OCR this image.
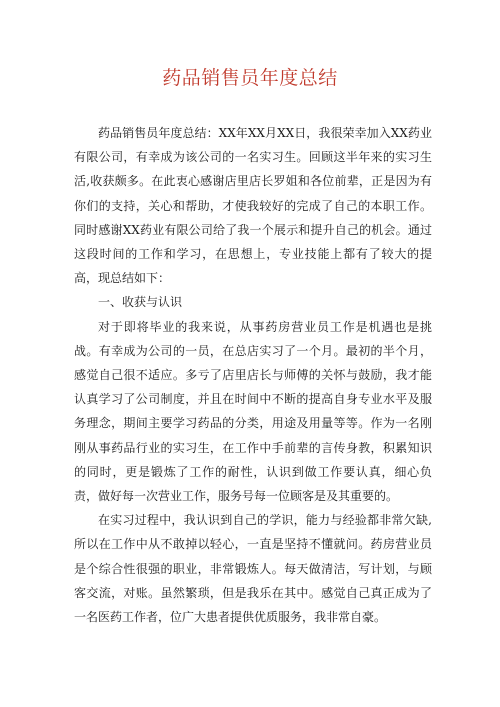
药品销售员年度总结

药品销售员年度总结：XX年XX月XX日，我很荣幸加入XX药业有限公司，有幸成为该公司的一名实习生。回顾这半年来的实习生活,收获颇多。在此衷心感谢店里店长罗姐和各位前辈，正是因为有你们的支持，关心和帮助，才使我较好的完成了自己的本职工作。同时感谢XX药业有限公司给了我一个展示和提升自己的机会。通过这段时间的工作和学习，在思想上，专业技能上都有了较大的提高，现总结如下：

一、收获与认识

对于即将毕业的我来说，从事药房营业员工作是机遇也是挑战。有幸成为公司的一员，在总店实习了一个月。最初的半个月，感觉自己很不适应。多亏了店里店长与师傅的关怀与鼓励，我才能认真学习了公司制度，并且在时间中不断的提高自身专业水平及服务理念，期间主要学习药品的分类，用途及用量等等。作为一名刚刚从事药品行业的实习生，在工作中手前辈的言传身教，积累知识的同时，更是锻炼了工作的耐性，认识到做工作要认真，细心负责，做好每一次营业工作，服务号每一位顾客是及其重要的。

在实习过程中，我认识到自己的学识，能力与经验都非常欠缺,所以在工作中从不敢掉以轻心，一直是坚持不懂就问。药房营业员是个综合性很强的职业，非常锻炼人。每天做清洁，写计划，与顾客交流，对账。虽然繁琐，但是我乐在其中。感觉自己真正成为了一名医药工作者，位广大患者提供优质服务，我非常自豪。
